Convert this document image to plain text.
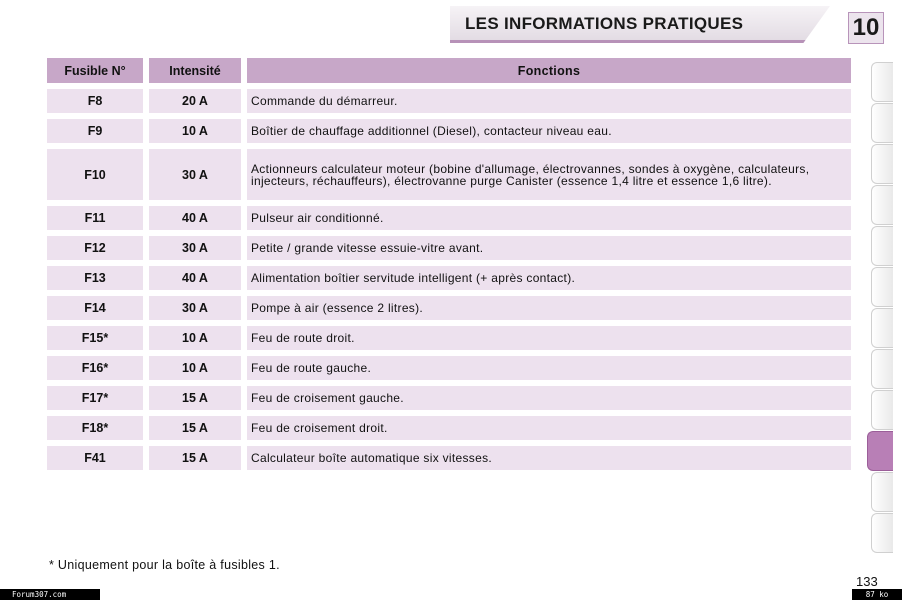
LES INFORMATIONS PRATIQUES	10
Fusible N°	Intensité	Fonctions
F8	20 A	Commande du démarreur.
F9	10 A	Boîtier de chauffage additionnel (Diesel), contacteur niveau eau.
F10	30 A	Actionneurs calculateur moteur (bobine d'allumage, électrovannes, sondes à oxygène, calculateurs, injecteurs, réchauffeurs), électrovanne purge Canister (essence 1,4 litre et essence 1,6 litre).
F11	40 A	Pulseur air conditionné.
F12	30 A	Petite / grande vitesse essuie-vitre avant.
F13	40 A	Alimentation boîtier servitude intelligent (+ après contact).
F14	30 A	Pompe à air (essence 2 litres).
F15*	10 A	Feu de route droit.
F16*	10 A	Feu de route gauche.
F17*	15 A	Feu de croisement gauche.
F18*	15 A	Feu de croisement droit.
F41	15 A	Calculateur boîte automatique six vitesses.
* Uniquement pour la boîte à fusibles 1.
133
Forum307.com	87 ko
